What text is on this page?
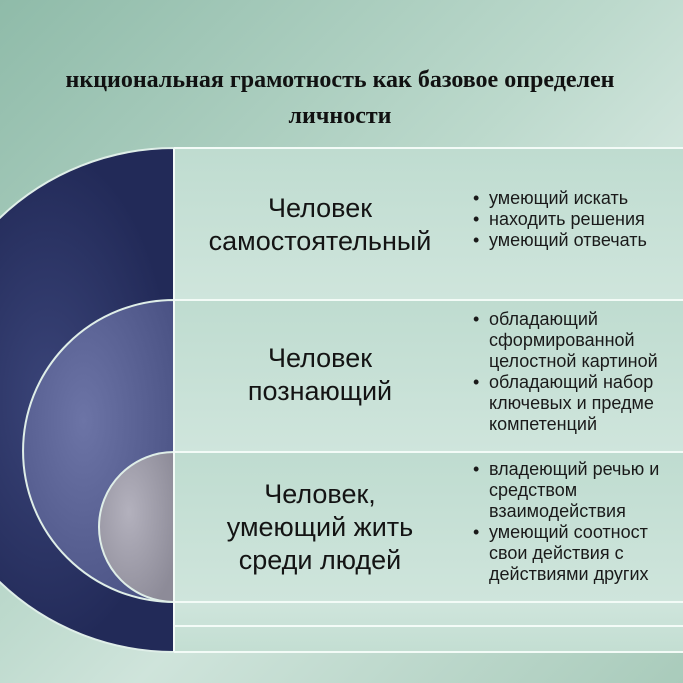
нкциональная грамотность как базовое определен
личности
Человек
самостоятельный
• умеющий искать
• находить решения
• умеющий отвечать
Человек
познающий
• обладающий
сформированной
целостной картиной
• обладающий набор
ключевых и предме
компетенций
Человек,
умеющий жить
среди людей
• владеющий речью и
средством
взаимодействия
• умеющий соотност
свои действия с
действиями других
